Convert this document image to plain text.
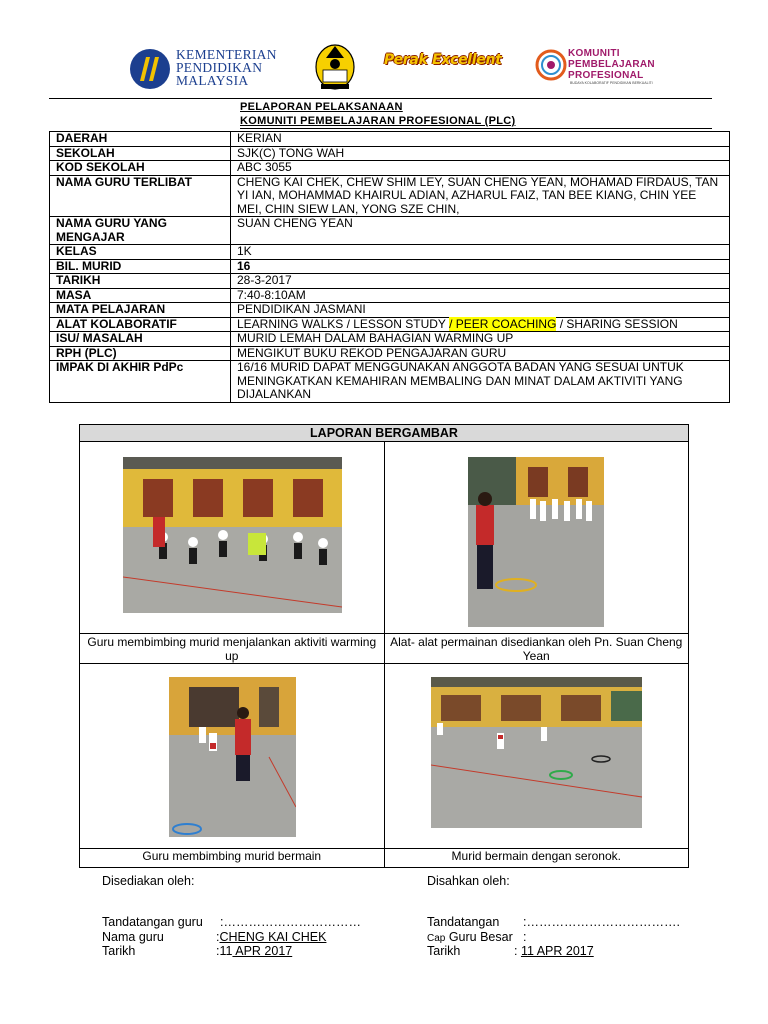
KEMENTERIAN
PENDIDIKAN
MALAYSIA
Perak Excellent	KOMUNITI
PEMBELAJARAN
PROFESIONAL
BUDAYA KOLABORATIF PENDIDIKAN BERKUALITI
PELAPORAN PELAKSANAAN
KOMUNITI PEMBELAJARAN PROFESIONAL (PLC)
DAERAH	KERIAN
SEKOLAH	SJK(C) TONG WAH
KOD SEKOLAH	ABC 3055
NAMA GURU TERLIBAT	CHENG KAI CHEK, CHEW SHIM LEY, SUAN CHENG YEAN, MOHAMAD FIRDAUS, TAN YI IAN, MOHAMMAD KHAIRUL ADIAN, AZHARUL FAIZ, TAN BEE KIANG, CHIN YEE MEI, CHIN SIEW LAN, YONG SZE CHIN,
NAMA GURU YANG MENGAJAR	SUAN CHENG YEAN
KELAS	1K
BIL. MURID	16
TARIKH	28-3-2017
MASA	7:40-8:10AM
MATA PELAJARAN	PENDIDIKAN JASMANI
ALAT KOLABORATIF	LEARNING WALKS / LESSON STUDY / PEER COACHING / SHARING SESSION
ISU/ MASALAH	MURID LEMAH DALAM BAHAGIAN WARMING UP
RPH (PLC)	MENGIKUT BUKU REKOD PENGAJARAN GURU
IMPAK DI AKHIR PdPc	16/16 MURID DAPAT MENGGUNAKAN ANGGOTA BADAN YANG SESUAI UNTUK MENINGKATKAN KEMAHIRAN MEMBALING DAN MINAT DALAM AKTIVITI YANG DIJALANKAN
LAPORAN BERGAMBAR	

Guru membimbing murid menjalankan aktiviti warming up	Alat- alat permainan disediankan oleh Pn. Suan Cheng Yean

Guru membimbing murid bermain	Murid bermain dengan seronok.
Disediakan oleh:	Disahkan oleh:
Tandatangan guru :……………………………
Nama guru	:CHENG KAI CHEK
Tarikh	:11 APR 2017
Tandatangan :……………………………….
Cap Guru Besar :
Tarikh	: 11 APR 2017
